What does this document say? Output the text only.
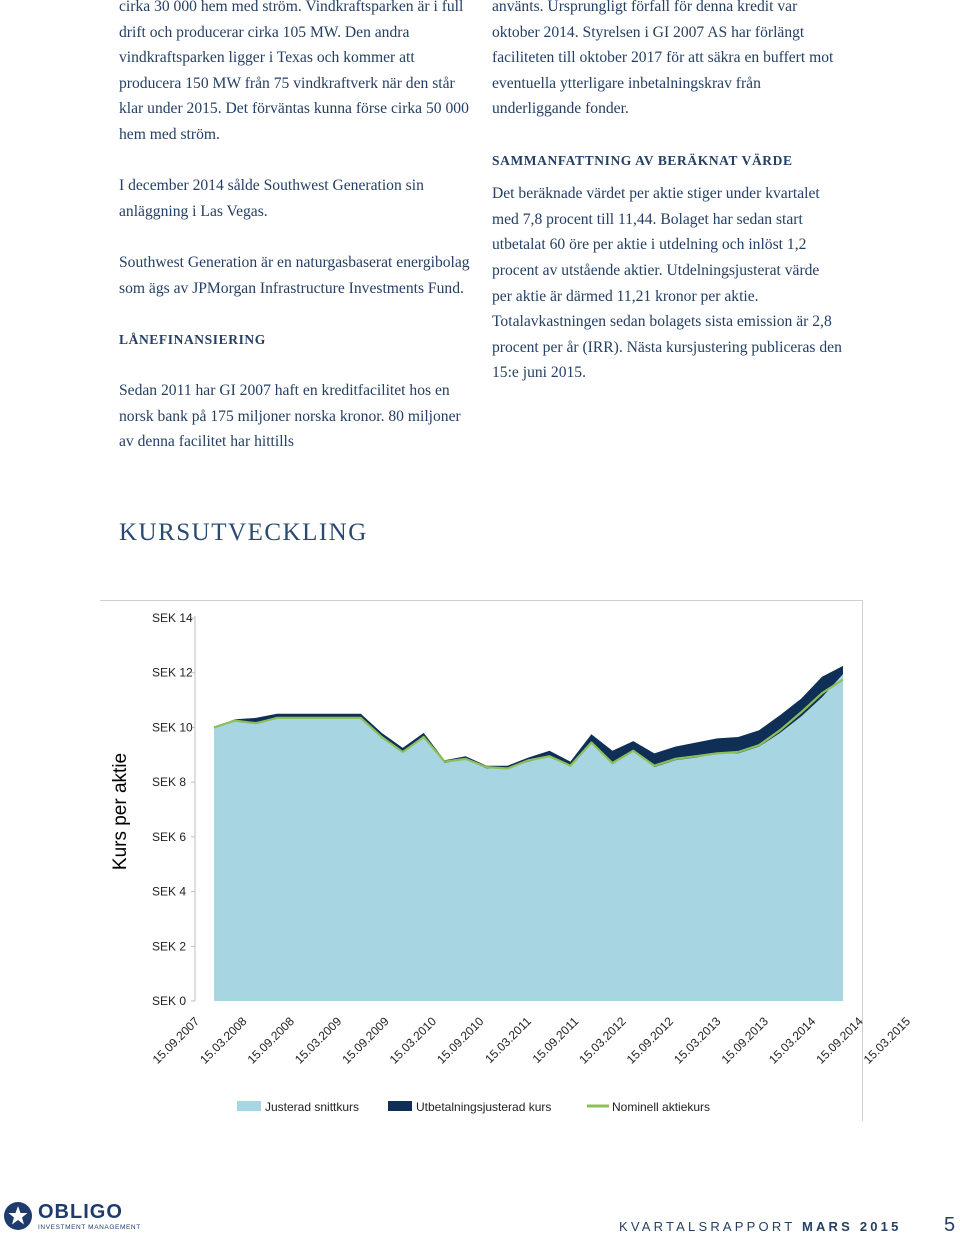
cirka 30 000 hem med ström. Vindkraftsparken är i full drift och producerar cirka 105 MW. Den andra vindkraftsparken ligger i Texas och kommer att producera 150 MW från 75 vindkraftverk när den står klar under 2015. Det förväntas kunna förse cirka 50 000 hem med ström.

I december 2014 sålde Southwest Generation sin anläggning i Las Vegas.

Southwest Generation är en naturgasbaserat energibolag som ägs av JPMorgan Infrastructure Investments Fund.

LÅNEFINANSIERING

Sedan 2011 har GI 2007 haft en kreditfacilitet hos en norsk bank på 175 miljoner norska kronor. 80 miljoner av denna facilitet har hittills

använts. Ursprungligt förfall för denna kredit var oktober 2014. Styrelsen i GI 2007 AS har förlängt faciliteten till oktober 2017 för att säkra en buffert mot eventuella ytterligare inbetalningskrav från underliggande fonder.

SAMMANFATTNING AV BERÄKNAT VÄRDE

Det beräknade värdet per aktie stiger under kvartalet med 7,8 procent till 11,44. Bolaget har sedan start utbetalat 60 öre per aktie i utdelning och inlöst 1,2 procent av utstående aktier. Utdelningsjusterat värde per aktie är därmed 11,21 kronor per aktie. Totalavkastningen sedan bolagets sista emission är 2,8 procent per år (IRR). Nästa kursjustering publiceras den 15:e juni 2015.

KURSUTVECKLING
SEK 0
SEK 2
SEK 4
SEK 6
SEK 8
SEK 10
SEK 12
SEK 14
Kurs per aktie
15.09.2007
15.03.2008
15.09.2008
15.03.2009
15.09.2009
15.03.2010
15.09.2010
15.03.2011
15.09.2011
15.03.2012
15.09.2012
15.03.2013
15.09.2013
15.03.2014
15.09.2014
15.03.2015
Justerad snittkurs	Utbetalningsjusterad kurs	Nominell aktiekurs
OBLIGO
INVESTMENT MANAGEMENT	KVARTALSRAPPORT MARS 2015 5
